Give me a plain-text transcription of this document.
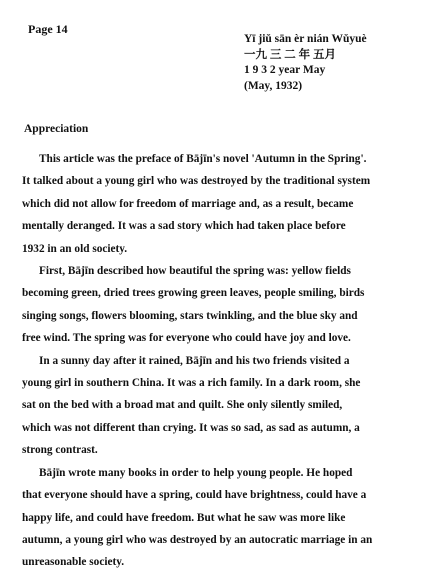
Page 14
Yī jiǔ sān èr nián Wǔyuè
一九 三 二 年 五月
1 9 3 2 year May
(May, 1932)
Appreciation

This article was the preface of Bājīn's novel 'Autumn in the Spring'.
It talked about a young girl who was destroyed by the traditional system
which did not allow for freedom of marriage and, as a result, became
mentally deranged. It was a sad story which had taken place before
1932 in an old society.

First, Bājīn described how beautiful the spring was: yellow fields
becoming green, dried trees growing green leaves, people smiling, birds
singing songs, flowers blooming, stars twinkling, and the blue sky and
free wind. The spring was for everyone who could have joy and love.

In a sunny day after it rained, Bājīn and his two friends visited a
young girl in southern China. It was a rich family. In a dark room, she
sat on the bed with a broad mat and quilt. She only silently smiled,
which was not different than crying. It was so sad, as sad as autumn, a
strong contrast.

Bājīn wrote many books in order to help young people. He hoped
that everyone should have a spring, could have brightness, could have a
happy life, and could have freedom. But what he saw was more like
autumn, a young girl who was destroyed by an autocratic marriage in an
unreasonable society.
